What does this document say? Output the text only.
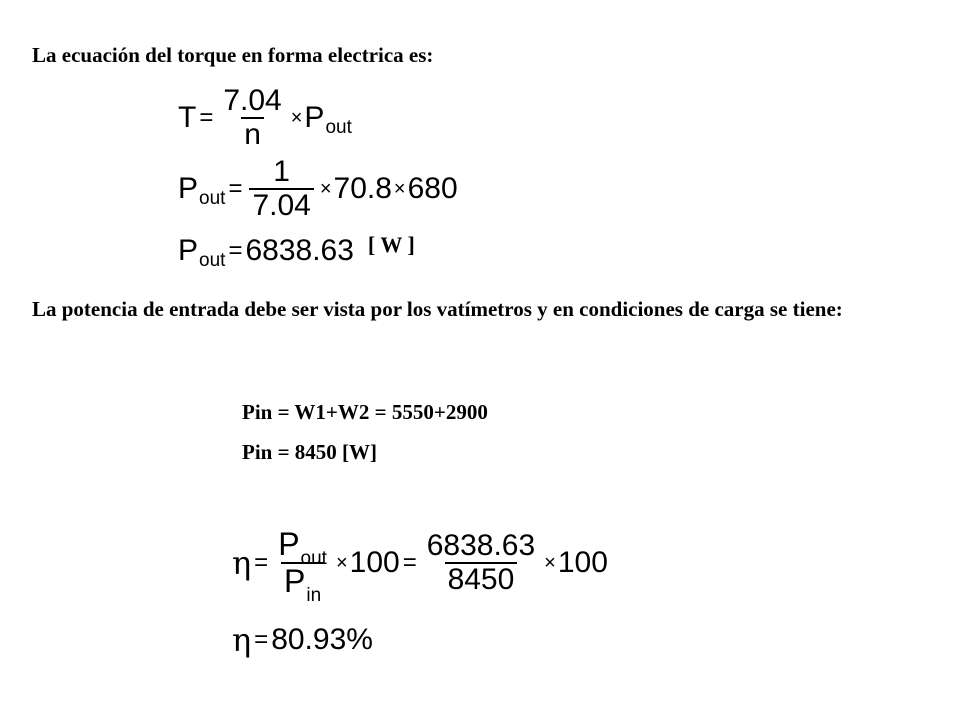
La ecuación del torque en forma electrica es:
$T = \frac{7.04}{n} \times P$ out
P out = $\frac{1}{7.04} \times 70.8 \times 680$
P out = 6838.63 [ W ]
La potencia de entrada debe ser vista por los vatímetros y en condiciones de carga se tiene:
Pin = W1+W2 = 5550+2900
Pin = 8450 [W]
$\eta = \frac{P_{out}}{P_{in}} \times 100 = \frac{6838.63}{8450} \times 100$
η = 80.93%
